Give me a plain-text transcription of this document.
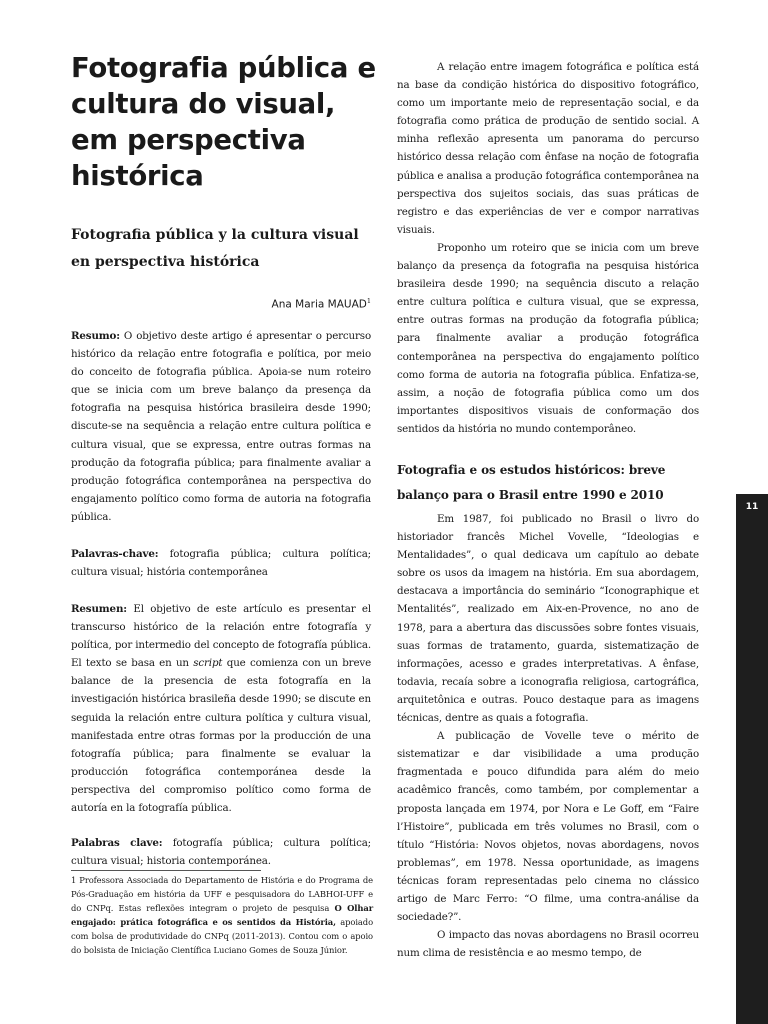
Fotografia pública e cultura do visual, em perspectiva histórica
Fotografia pública y la cultura visual en perspectiva histórica

Ana Maria MAUAD$^1$

Resumo: O objetivo deste artigo é apresentar o percurso histórico da relação entre fotografia e política, por meio do conceito de fotografia pública. Apoia-se num roteiro que se inicia com um breve balanço da presença da fotografia na pesquisa histórica brasileira desde 1990; discute-se na sequência a relação entre cultura política e cultura visual, que se expressa, entre outras formas na produção da fotografia pública; para finalmente avaliar a produção fotográfica contemporânea na perspectiva do engajamento político como forma de autoria na fotografia pública.

Palavras-chave: fotografia pública; cultura política; cultura visual; história contemporânea

Resumen: El objetivo de este artículo es presentar el transcurso histórico de la relación entre fotografía y política, por intermedio del concepto de fotografía pública. El texto se basa en un script que comienza con un breve balance de la presencia de esta fotografía en la investigación histórica brasileña desde 1990; se discute en seguida la relación entre cultura política y cultura visual, manifestada entre otras formas por la producción de una fotografía pública; para finalmente se evaluar la producción fotográfica contemporánea desde la perspectiva del compromiso político como forma de autoría en la fotografía pública.

Palabras clave: fotografía pública; cultura política; cultura visual; historia contemporánea.

1 Professora Associada do Departamento de História e do Programa de Pós-Graduação em história da UFF e pesquisadora do LABHOI-UFF e do CNPq. Estas reflexões integram o projeto de pesquisa O Olhar engajado: prática fotográfica e os sentidos da História, apoiado com bolsa de produtividade do CNPq (2011-2013). Contou com o apoio do bolsista de Iniciação Científica Luciano Gomes de Souza Júnior.

A relação entre imagem fotográfica e política está na base da condição histórica do dispositivo fotográfico, como um importante meio de representação social, e da fotografia como prática de produção de sentido social. A minha reflexão apresenta um panorama do percurso histórico dessa relação com ênfase na noção de fotografia pública e analisa a produção fotográfica contemporânea na perspectiva dos sujeitos sociais, das suas práticas de registro e das experiências de ver e compor narrativas visuais.

Proponho um roteiro que se inicia com um breve balanço da presença da fotografia na pesquisa histórica brasileira desde 1990; na sequência discuto a relação entre cultura política e cultura visual, que se expressa, entre outras formas na produção da fotografia pública; para finalmente avaliar a produção fotográfica contemporânea na perspectiva do engajamento político como forma de autoria na fotografia pública. Enfatiza-se, assim, a noção de fotografia pública como um dos importantes dispositivos visuais de conformação dos sentidos da história no mundo contemporâneo.

Fotografia e os estudos históricos: breve balanço para o Brasil entre 1990 e 2010

Em 1987, foi publicado no Brasil o livro do historiador francês Michel Vovelle, “Ideologias e Mentalidades”, o qual dedicava um capítulo ao debate sobre os usos da imagem na história. Em sua abordagem, destacava a importância do seminário “Iconographique et Mentalités”, realizado em Aix-en-Provence, no ano de 1978, para a abertura das discussões sobre fontes visuais, suas formas de tratamento, guarda, sistematização de informações, acesso e grades interpretativas. A ênfase, todavia, recaía sobre a iconografia religiosa, cartográfica, arquitetônica e outras. Pouco destaque para as imagens técnicas, dentre as quais a fotografia.

A publicação de Vovelle teve o mérito de sistematizar e dar visibilidade a uma produção fragmentada e pouco difundida para além do meio acadêmico francês, como também, por complementar a proposta lançada em 1974, por Nora e Le Goff, em “Faire l’Histoire”, publicada em três volumes no Brasil, com o título “História: Novos objetos, novas abordagens, novos problemas”, em 1978. Nessa oportunidade, as imagens técnicas foram representadas pelo cinema no clássico artigo de Marc Ferro: “O filme, uma contra-análise da sociedade?”.

O impacto das novas abordagens no Brasil ocorreu num clima de resistência e ao mesmo tempo, de

11
